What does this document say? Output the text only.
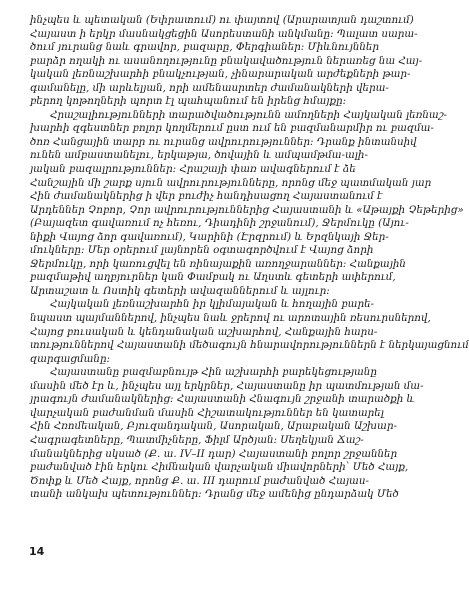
ինչպես և պետական (Եփրատում) ու փայտով (Արարատյան դաշտում)
Հայաստ ի երկր մասնակցեցին Ասորեստանի անկմանը: Պալատ սարա-
ծում յուրանց նաև գրավոր, բազարը, Փերգիաներ: Միևնույններ
բարձր ողակի ու ասանողությունը բնակավածություն ներառեց նա Հայ-
կական լեռնաշխարհի բնակչության, չինարարական արժեքների թար-
գամանելը, մի արևելյան, որի ամենասրտեր ժամանակների վերա-
բերող կոթողների պորտ էլ պահպանում են իրենց հմայքը:

Հրաշալիությունների տարածվածությունն ամողների Հայկական լեռնաշ-
խարհի զգեստներ բոլոր կողմերում ըստ ում են բազմանարմիր ու բազմա-
ծոռ Հանցային տարր ու ուրանց ավրուրություններ: Դրանք ինտանսիվ
ունեն ամբաստանելու, երկաթյա, ծովային և ամպամթմա-ալի-
յական բազալրություններ: Հրաշայի փառ ավագներում է ձե
Հանշային մի շարք սյուն ավրուրությունները, որոնց մեջ պատմական յար
Հին ժամանակներից ի վեր բուժիչ հանդիսացող Հայաստանում է
Արդեններ Չոբոր, Չոր ավրուրություններից Հայաստանի և «Աթայքի Չեթերից»
(Բայազետ գավառում ոչ հեռու, Դիադինի շրջանում), Ջերմուկը (Այու-
նիքի Վայոց ձոր գավառում), Կարինի (Էրզրում) և Երզնկայի Ջեր-
մուկները: Մեր օրերում լայնորեն օգտագործվում է Վայոց ձորի
Ջերմուկը, որի կառուցվել են ռինայաքին առողջարաններ: Հանքային
բազմաթիվ աղբյուրներ կան Փամբակ ու Աղստև գետերի ափերում,
Արտաշատ և Ոստիկ գետերի ավազաններում և այլուր:

Հայկական լեռնաշխարհն իր կլիմայական և հողային բարե-
նպաստ պայմաններով, ինչպես նաև ջրերով ու արոտային ռեսուրսներով,
Հայոց բուսական և կենդանական աշխարհով, Հանքային հարս-
տություններով Հայաստանի մեծագույն հնարավորություններն է ներկայացնում
զարգացմանը:

Հայաստանը բազմաբնույթ Հին աշխարհի բարեկեցությանը
մասին մեծ էր և, ինչպես այլ երկրներ, Հայաստանը իր պատմության մա-
յրագույն ժամանակներից: Հայաստանի Հնագույն շրջանի տարածքի և
վարչական բաժանման մասին Հիշատակություններ են կատարել
Հին Հռոմեական, Բյուզանդական, Ասորական, Արաբական Աշխար-
Հագրագետները, Պատմիչները, Ֆիլմ Արծյան: Սեղեկյան Ճաշ-
մանակներից սկսած (Ք. ա. IV–II դար) Հայաստանի բոլոր շրջաններ
բաժանված էին երկու Հիմնական վարչական միավորների՝ Մեծ Հայք,
Ծոփք և Մեծ Հայք, որոնց Ք. ա. III դարում բաժանված Հայաս-
տանի անկախ պետություններ: Դրանց մեջ ամենից ընդարձակ Մեծ

14
